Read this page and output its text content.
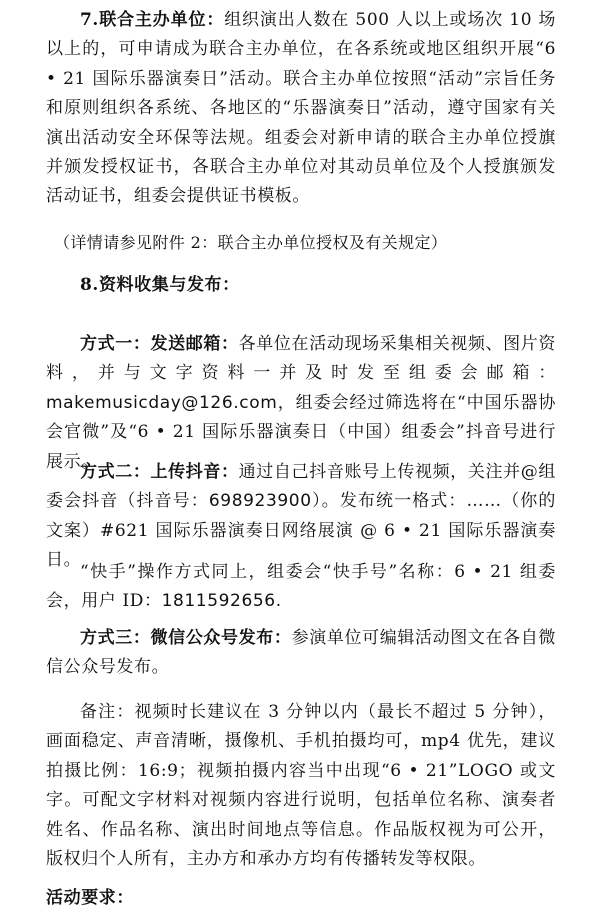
7.联合主办单位：组织演出人数在 500 人以上或场次 10 场以上的，可申请成为联合主办单位，在各系统或地区组织开展“6 • 21 国际乐器演奏日”活动。联合主办单位按照“活动”宗旨任务和原则组织各系统、各地区的“乐器演奏日”活动，遵守国家有关演出活动安全环保等法规。组委会对新申请的联合主办单位授旗并颁发授权证书，各联合主办单位对其动员单位及个人授旗颁发活动证书，组委会提供证书模板。

（详情请参见附件 2：联合主办单位授权及有关规定）

8.资料收集与发布：

方式一：发送邮箱：各单位在活动现场采集相关视频、图片资料，并与文字资料一并及时发至组委会邮箱：makemusicday@126.com，组委会经过筛选将在“中国乐器协会官微”及“6 • 21 国际乐器演奏日（中国）组委会”抖音号进行展示。

方式二：上传抖音：通过自己抖音账号上传视频，关注并@组委会抖音（抖音号：698923900）。发布统一格式：……（你的文案）#621 国际乐器演奏日网络展演 @ 6 • 21 国际乐器演奏日。

“快手”操作方式同上，组委会“快手号”名称：6 • 21 组委会，用户 ID：1811592656.

方式三：微信公众号发布：参演单位可编辑活动图文在各自微信公众号发布。

备注：视频时长建议在 3 分钟以内（最长不超过 5 分钟），画面稳定、声音清晰，摄像机、手机拍摄均可，mp4 优先，建议拍摄比例：16:9；视频拍摄内容当中出现“6 • 21”LOGO 或文字。可配文字材料对视频内容进行说明，包括单位名称、演奏者姓名、作品名称、演出时间地点等信息。作品版权视为可公开，版权归个人所有，主办方和承办方均有传播转发等权限。

活动要求：
